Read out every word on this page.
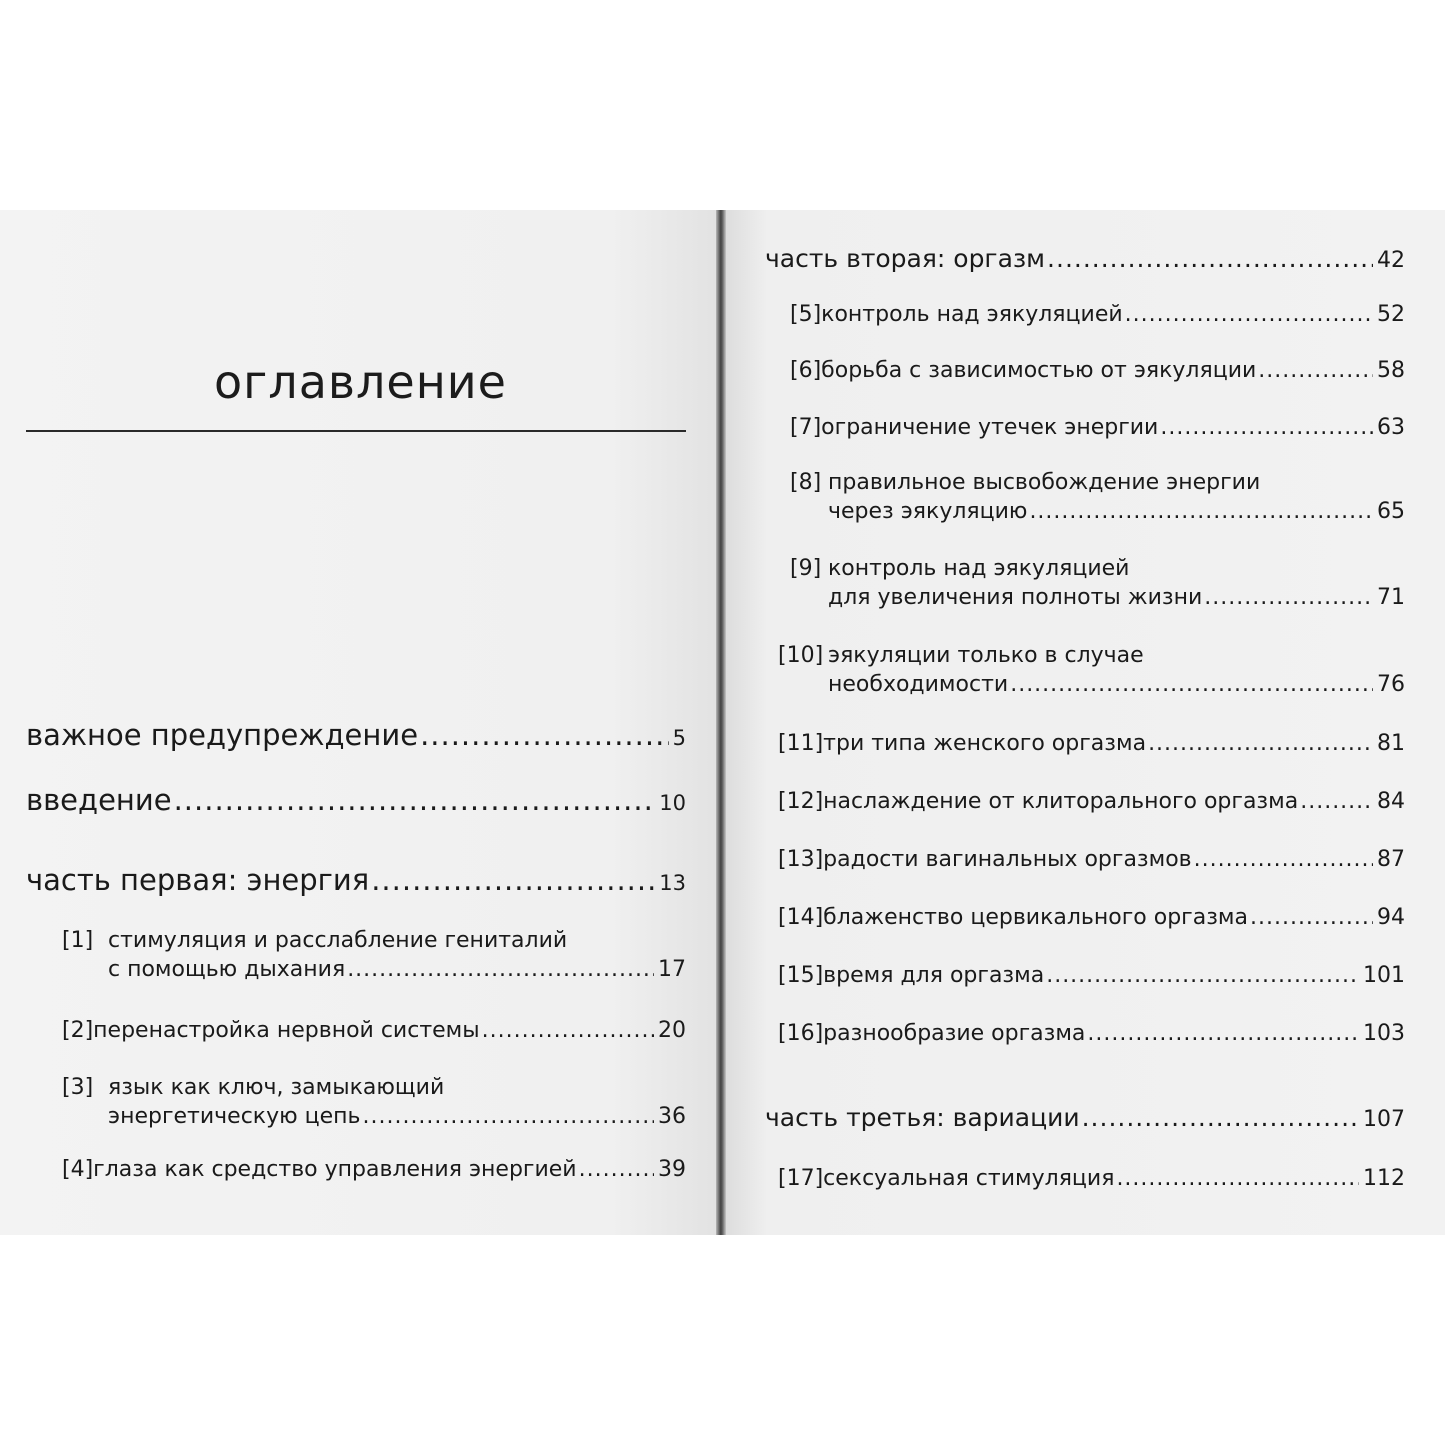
оглавление
важное предупреждение .....	5
введение .....	10
часть первая: энергия .....	13
[1] стимуляция и расслабление гениталий
с помощью дыхания .....	17
[2] перенастройка нервной системы .....	20
[3] язык как ключ, замыкающий
энергетическую цепь .....	36
[4] глаза как средство управления энергией .....	39
часть вторая: оргазм .....	42
[5] контроль над эякуляцией .....	52
[6] борьба с зависимостью от эякуляции .....	58
[7] ограничение утечек энергии .....	63
[8] правильное высвобождение энергии
через эякуляцию .....	65
[9] контроль над эякуляцией
для увеличения полноты жизни .....	71
[10] эякуляции только в случае
необходимости .....	76
[11] три типа женского оргазма .....	81
[12] наслаждение от клиторального оргазма .....	84
[13] радости вагинальных оргазмов .....	87
[14] блаженство цервикального оргазма .....	94
[15] время для оргазма .....	101
[16] разнообразие оргазма .....	103
часть третья: вариации .....	107
[17] сексуальная стимуляция .....	112
